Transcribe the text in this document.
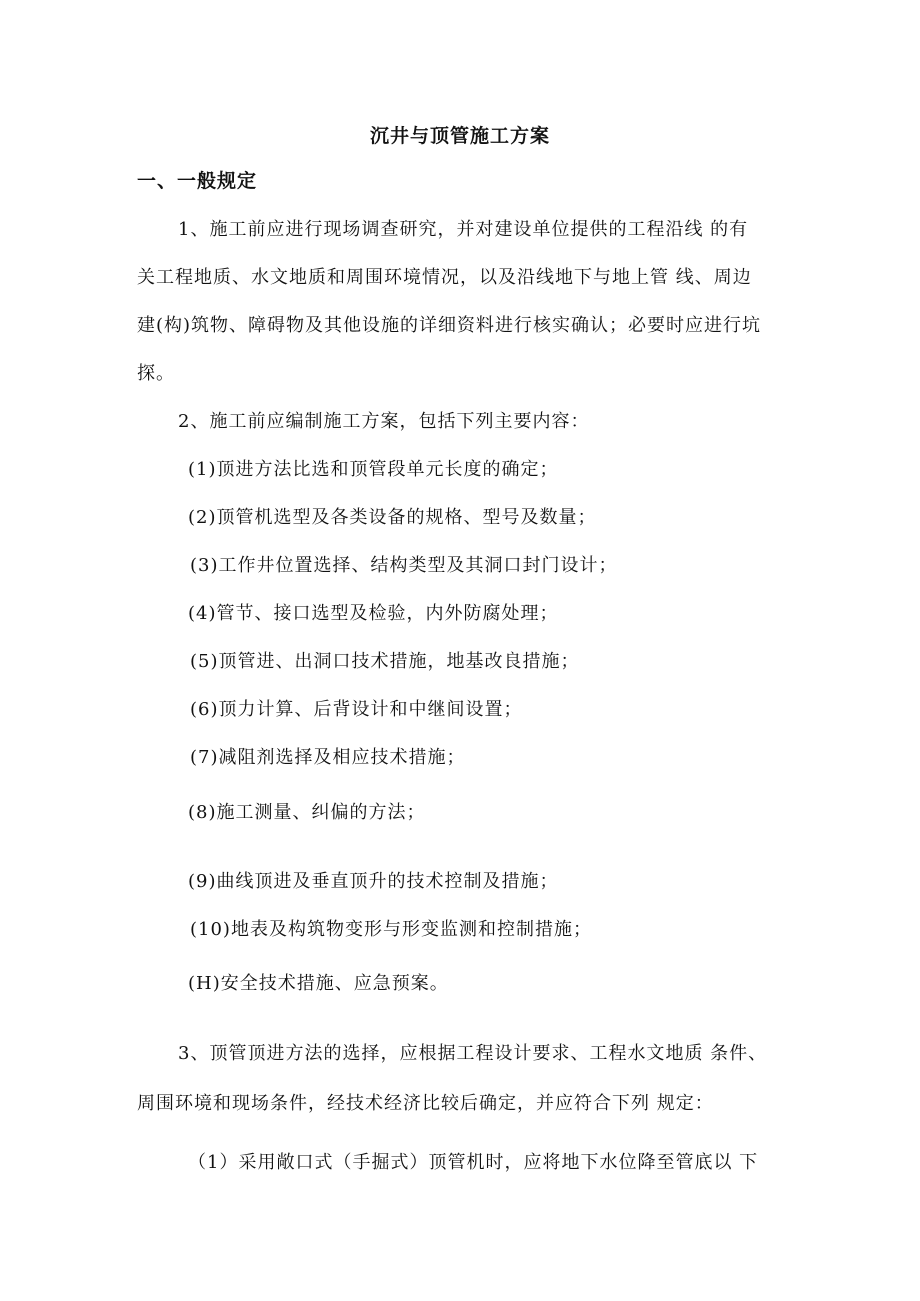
沉井与顶管施工方案
一、一般规定
1、施工前应进行现场调查研究，并对建设单位提供的工程沿线 的有
关工程地质、水文地质和周围环境情况，以及沿线地下与地上管 线、周边
建(构)筑物、障碍物及其他设施的详细资料进行核实确认；必要时应进行坑
探。
2、施工前应编制施工方案，包括下列主要内容：
(1)顶进方法比选和顶管段单元长度的确定；
(2)顶管机选型及各类设备的规格、型号及数量；
(3)工作井位置选择、结构类型及其洞口封门设计；
(4)管节、接口选型及检验，内外防腐处理；
(5)顶管进、出洞口技术措施，地基改良措施；
(6)顶力计算、后背设计和中继间设置；
(7)减阻剂选择及相应技术措施；
(8)施工测量、纠偏的方法；
(9)曲线顶进及垂直顶升的技术控制及措施；
(10)地表及构筑物变形与形变监测和控制措施；
(H)安全技术措施、应急预案。
3、顶管顶进方法的选择，应根据工程设计要求、工程水文地质 条件、
周围环境和现场条件，经技术经济比较后确定，并应符合下列 规定：
（1）采用敞口式（手掘式）顶管机时，应将地下水位降至管底以 下
